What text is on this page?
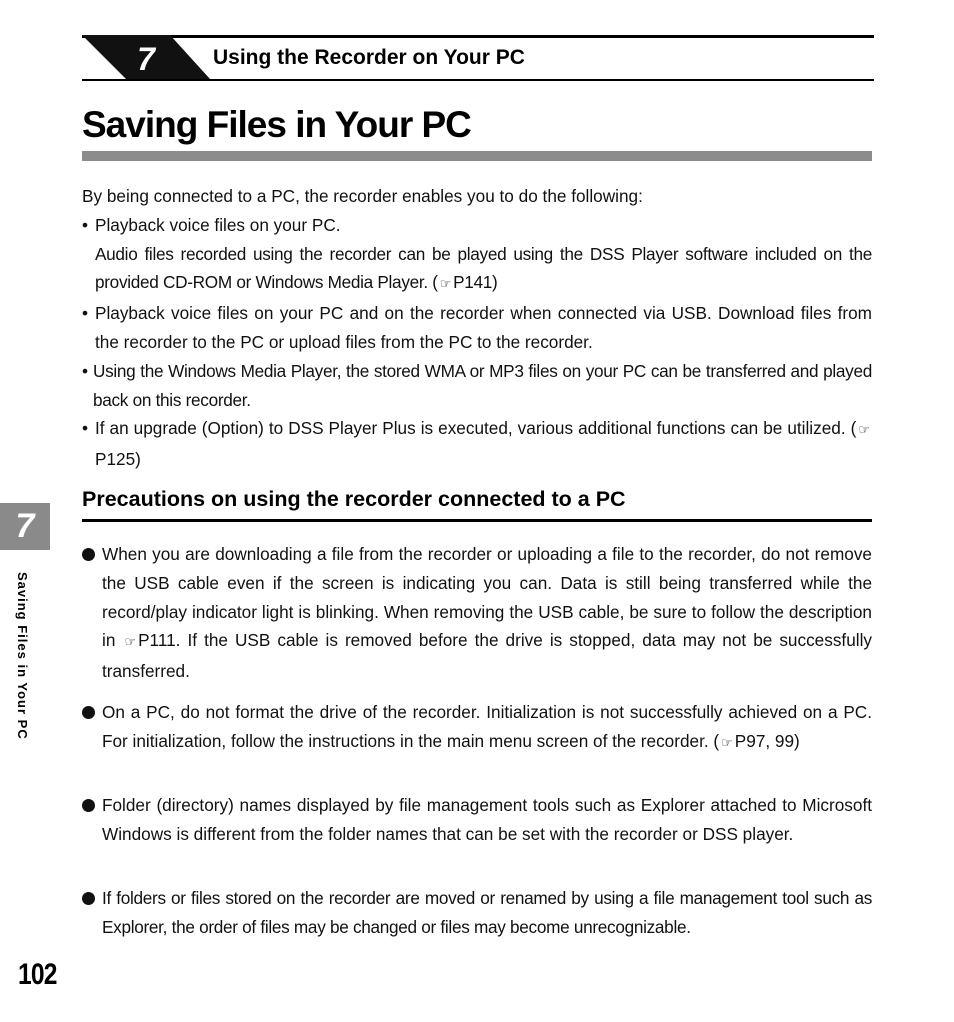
7	Using the Recorder on Your PC
Saving Files in Your PC

By being connected to a PC, the recorder enables you to do the following:

• Playback voice files on your PC.
Audio files recorded using the recorder can be played using the DSS Player software included on the provided CD-ROM or Windows Media Player. ( ☞ P141)
• Playback voice files on your PC and on the recorder when connected via USB. Download files from the recorder to the PC or upload files from the PC to the recorder.
• Using the Windows Media Player, the stored WMA or MP3 files on your PC can be transferred and played back on this recorder.
• If an upgrade (Option) to DSS Player Plus is executed, various additional functions can be utilized. ( ☞P125)
Precautions on using the recorder connected to a PC
When you are downloading a file from the recorder or uploading a file to the recorder, do not remove the USB cable even if the screen is indicating you can. Data is still being transferred while the record/play indicator light is blinking. When removing the USB cable, be sure to follow the description in ☞ P111. If the USB cable is removed before the drive is stopped, data may not be successfully transferred.
On a PC, do not format the drive of the recorder. Initialization is not successfully achieved on a PC. For initialization, follow the instructions in the main menu screen of the recorder. ( ☞ P97, 99)
Folder (directory) names displayed by file management tools such as Explorer attached to Microsoft Windows is different from the folder names that can be set with the recorder or DSS player.
If folders or files stored on the recorder are moved or renamed by using a file management tool such as Explorer, the order of files may be changed or files may become unrecognizable.
7
Saving Files in Your PC
102
